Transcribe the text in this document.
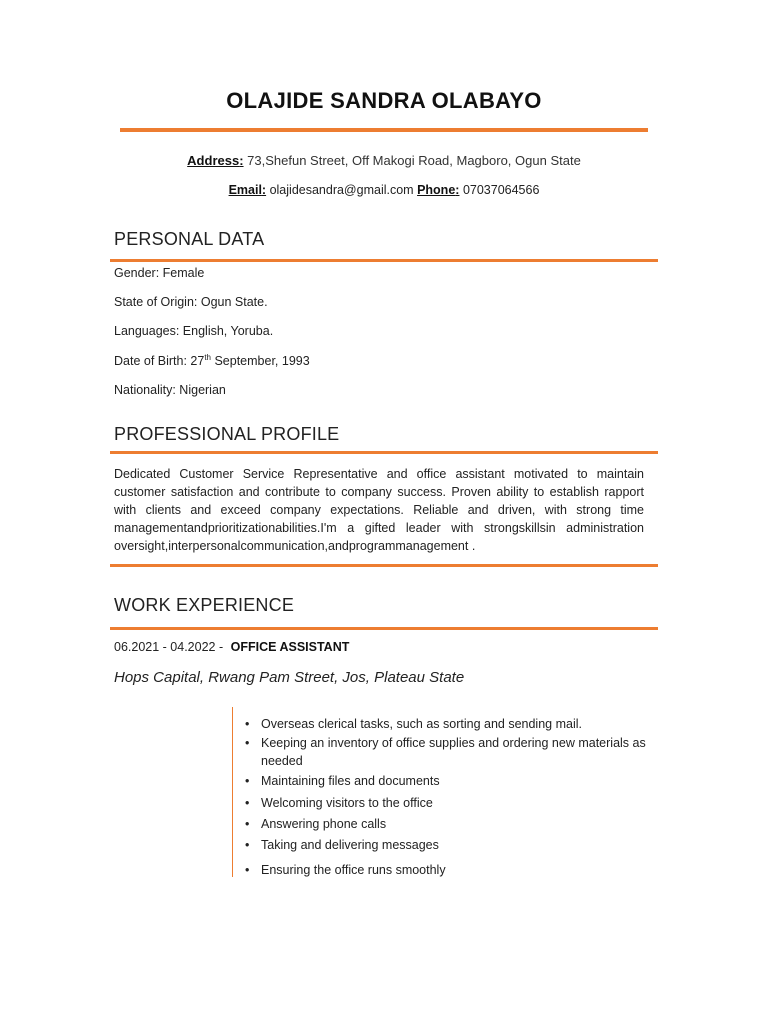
OLAJIDE SANDRA OLABAYO
Address: 73,Shefun Street, Off Makogi Road, Magboro, Ogun State
Email: olajidesandra@gmail.com Phone: 07037064566
PERSONAL DATA
Gender: Female
State of Origin: Ogun State.
Languages: English, Yoruba.
Date of Birth: 27th September, 1993
Nationality: Nigerian
PROFESSIONAL PROFILE

Dedicated Customer Service Representative and office assistant motivated to maintain customer satisfaction and contribute to company success. Proven ability to establish rapport with clients and exceed company expectations. Reliable and driven, with strong time managementandprioritizationabilities.I'm a gifted leader with strongskillsin administration oversight,interpersonalcommunication,andprogrammanagement .

WORK EXPERIENCE
06.2021 - 04.2022 - OFFICE ASSISTANT
Hops Capital, Rwang Pam Street, Jos, Plateau State
• Overseas clerical tasks, such as sorting and sending mail.
• Keeping an inventory of office supplies and ordering new materials as needed
• Maintaining files and documents
• Welcoming visitors to the office
• Answering phone calls
• Taking and delivering messages
• Ensuring the office runs smoothly
